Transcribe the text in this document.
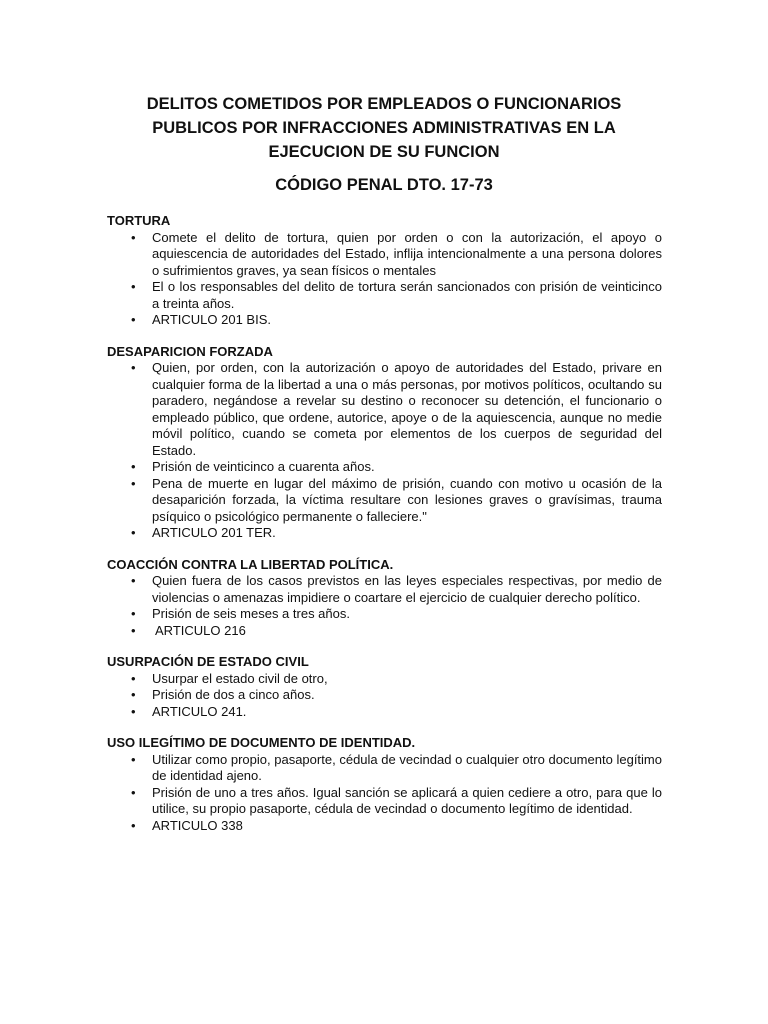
DELITOS COMETIDOS POR EMPLEADOS O FUNCIONARIOS PUBLICOS POR INFRACCIONES ADMINISTRATIVAS EN LA EJECUCION DE SU FUNCION
CÓDIGO PENAL DTO. 17-73

TORTURA

• Comete el delito de tortura, quien por orden o con la autorización, el apoyo o aquiescencia de autoridades del Estado, inflija intencionalmente a una persona dolores o sufrimientos graves, ya sean físicos o mentales
• El o los responsables del delito de tortura serán sancionados con prisión de veinticinco a treinta años.
• ARTICULO 201 BIS.

DESAPARICION FORZADA

• Quien, por orden, con la autorización o apoyo de autoridades del Estado, privare en cualquier forma de la libertad a una o más personas, por motivos políticos, ocultando su paradero, negándose a revelar su destino o reconocer su detención, el funcionario o empleado público, que ordene, autorice, apoye o de la aquiescencia, aunque no medie móvil político, cuando se cometa por elementos de los cuerpos de seguridad del Estado.
• Prisión de veinticinco a cuarenta años.
• Pena de muerte en lugar del máximo de prisión, cuando con motivo u ocasión de la desaparición forzada, la víctima resultare con lesiones graves o gravísimas, trauma psíquico o psicológico permanente o falleciere."
• ARTICULO 201 TER.

COACCIÓN CONTRA LA LIBERTAD POLÍTICA.

• Quien fuera de los casos previstos en las leyes especiales respectivas, por medio de violencias o amenazas impidiere o coartare el ejercicio de cualquier derecho político.
• Prisión de seis meses a tres años.
• ARTICULO 216

USURPACIÓN DE ESTADO CIVIL

• Usurpar el estado civil de otro,
• Prisión de dos a cinco años.
• ARTICULO 241.

USO ILEGÍTIMO DE DOCUMENTO DE IDENTIDAD.

• Utilizar como propio, pasaporte, cédula de vecindad o cualquier otro documento legítimo de identidad ajeno.
• Prisión de uno a tres años. Igual sanción se aplicará a quien cediere a otro, para que lo utilice, su propio pasaporte, cédula de vecindad o documento legítimo de identidad.
• ARTICULO 338
